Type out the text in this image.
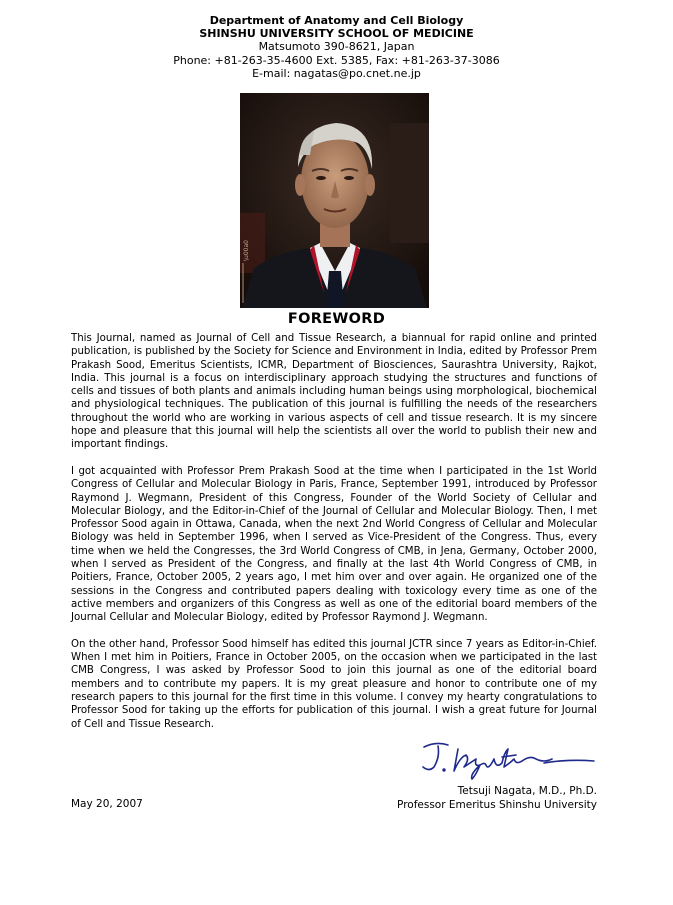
Department of Anatomy and Cell Biology
SHINSHU UNIVERSITY SCHOOL OF MEDICINE
Matsumoto 390-8621, Japan
Phone: +81-263-35-4600 Ext. 5385, Fax: +81-263-37-3086
E-mail: nagatas@po.cnet.ne.jp
\u00a0
FOREWORD

This Journal, named as Journal of Cell and Tissue Research, a biannual for rapid online and printed publication, is published by the Society for Science and Environment in India, edited by Professor Prem Prakash Sood, Emeritus Scientists, ICMR, Department of Biosciences, Saurashtra University, Rajkot, India. This journal is a focus on interdisciplinary approach studying the structures and functions of cells and tissues of both plants and animals including human beings using morphological, biochemical and physiological techniques. The publication of this journal is fulfilling the needs of the researchers throughout the world who are working in various aspects of cell and tissue research. It is my sincere hope and pleasure that this journal will help the scientists all over the world to publish their new and important findings.

I got acquainted with Professor Prem Prakash Sood at the time when I participated in the 1st World Congress of Cellular and Molecular Biology in Paris, France, September 1991, introduced by Professor Raymond J. Wegmann, President of this Congress, Founder of the World Society of Cellular and Molecular Biology, and the Editor-in-Chief of the Journal of Cellular and Molecular Biology. Then, I met Professor Sood again in Ottawa, Canada, when the next 2nd World Congress of Cellular and Molecular Biology was held in September 1996, when I served as Vice-President of the Congress. Thus, every time when we held the Congresses, the 3rd World Congress of CMB, in Jena, Germany, October 2000, when I served as President of the Congress, and finally at the last 4th World Congress of CMB, in Poitiers, France, October 2005, 2 years ago, I met him over and over again. He organized one of the sessions in the Congress and contributed papers dealing with toxicology every time as one of the active members and organizers of this Congress as well as one of the editorial board members of the Journal Cellular and Molecular Biology, edited by Professor Raymond J. Wegmann.

On the other hand, Professor Sood himself has edited this journal JCTR since 7 years as Editor-in-Chief. When I met him in Poitiers, France in October 2005, on the occasion when we participated in the last CMB Congress, I was asked by Professor Sood to join this journal as one of the editorial board members and to contribute my papers. It is my great pleasure and honor to contribute one of my research papers to this journal for the first time in this volume. I convey my hearty congratulations to Professor Sood for taking up the efforts for publication of this journal. I wish a great future for Journal of Cell and Tissue Research.

Tetsuji Nagata, M.D., Ph.D.
Professor Emeritus Shinshu University
May 20, 2007
